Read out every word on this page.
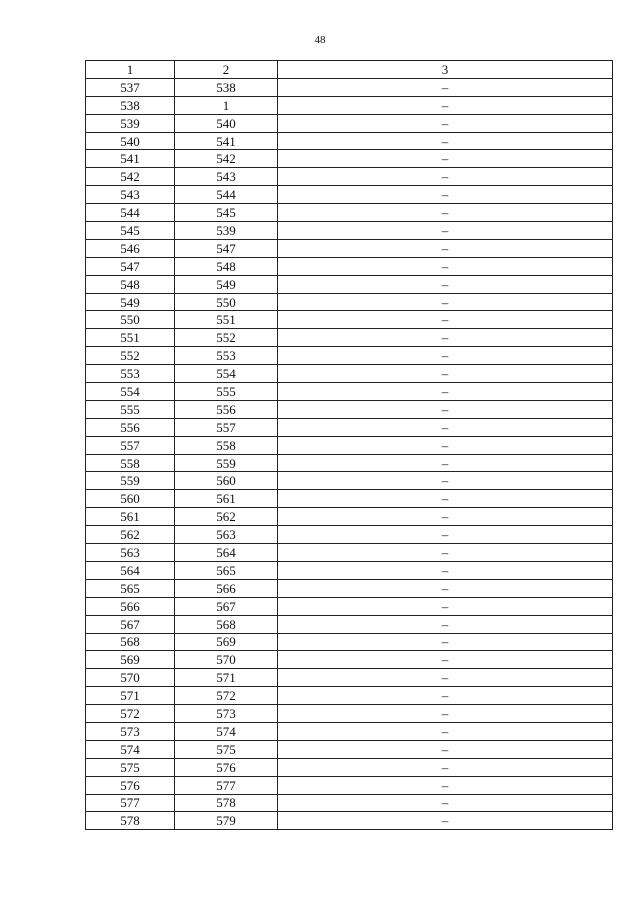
48
1	2	3
537	538	–
538	1	–
539	540	–
540	541	–
541	542	–
542	543	–
543	544	–
544	545	–
545	539	–
546	547	–
547	548	–
548	549	–
549	550	–
550	551	–
551	552	–
552	553	–
553	554	–
554	555	–
555	556	–
556	557	–
557	558	–
558	559	–
559	560	–
560	561	–
561	562	–
562	563	–
563	564	–
564	565	–
565	566	–
566	567	–
567	568	–
568	569	–
569	570	–
570	571	–
571	572	–
572	573	–
573	574	–
574	575	–
575	576	–
576	577	–
577	578	–
578	579	–
